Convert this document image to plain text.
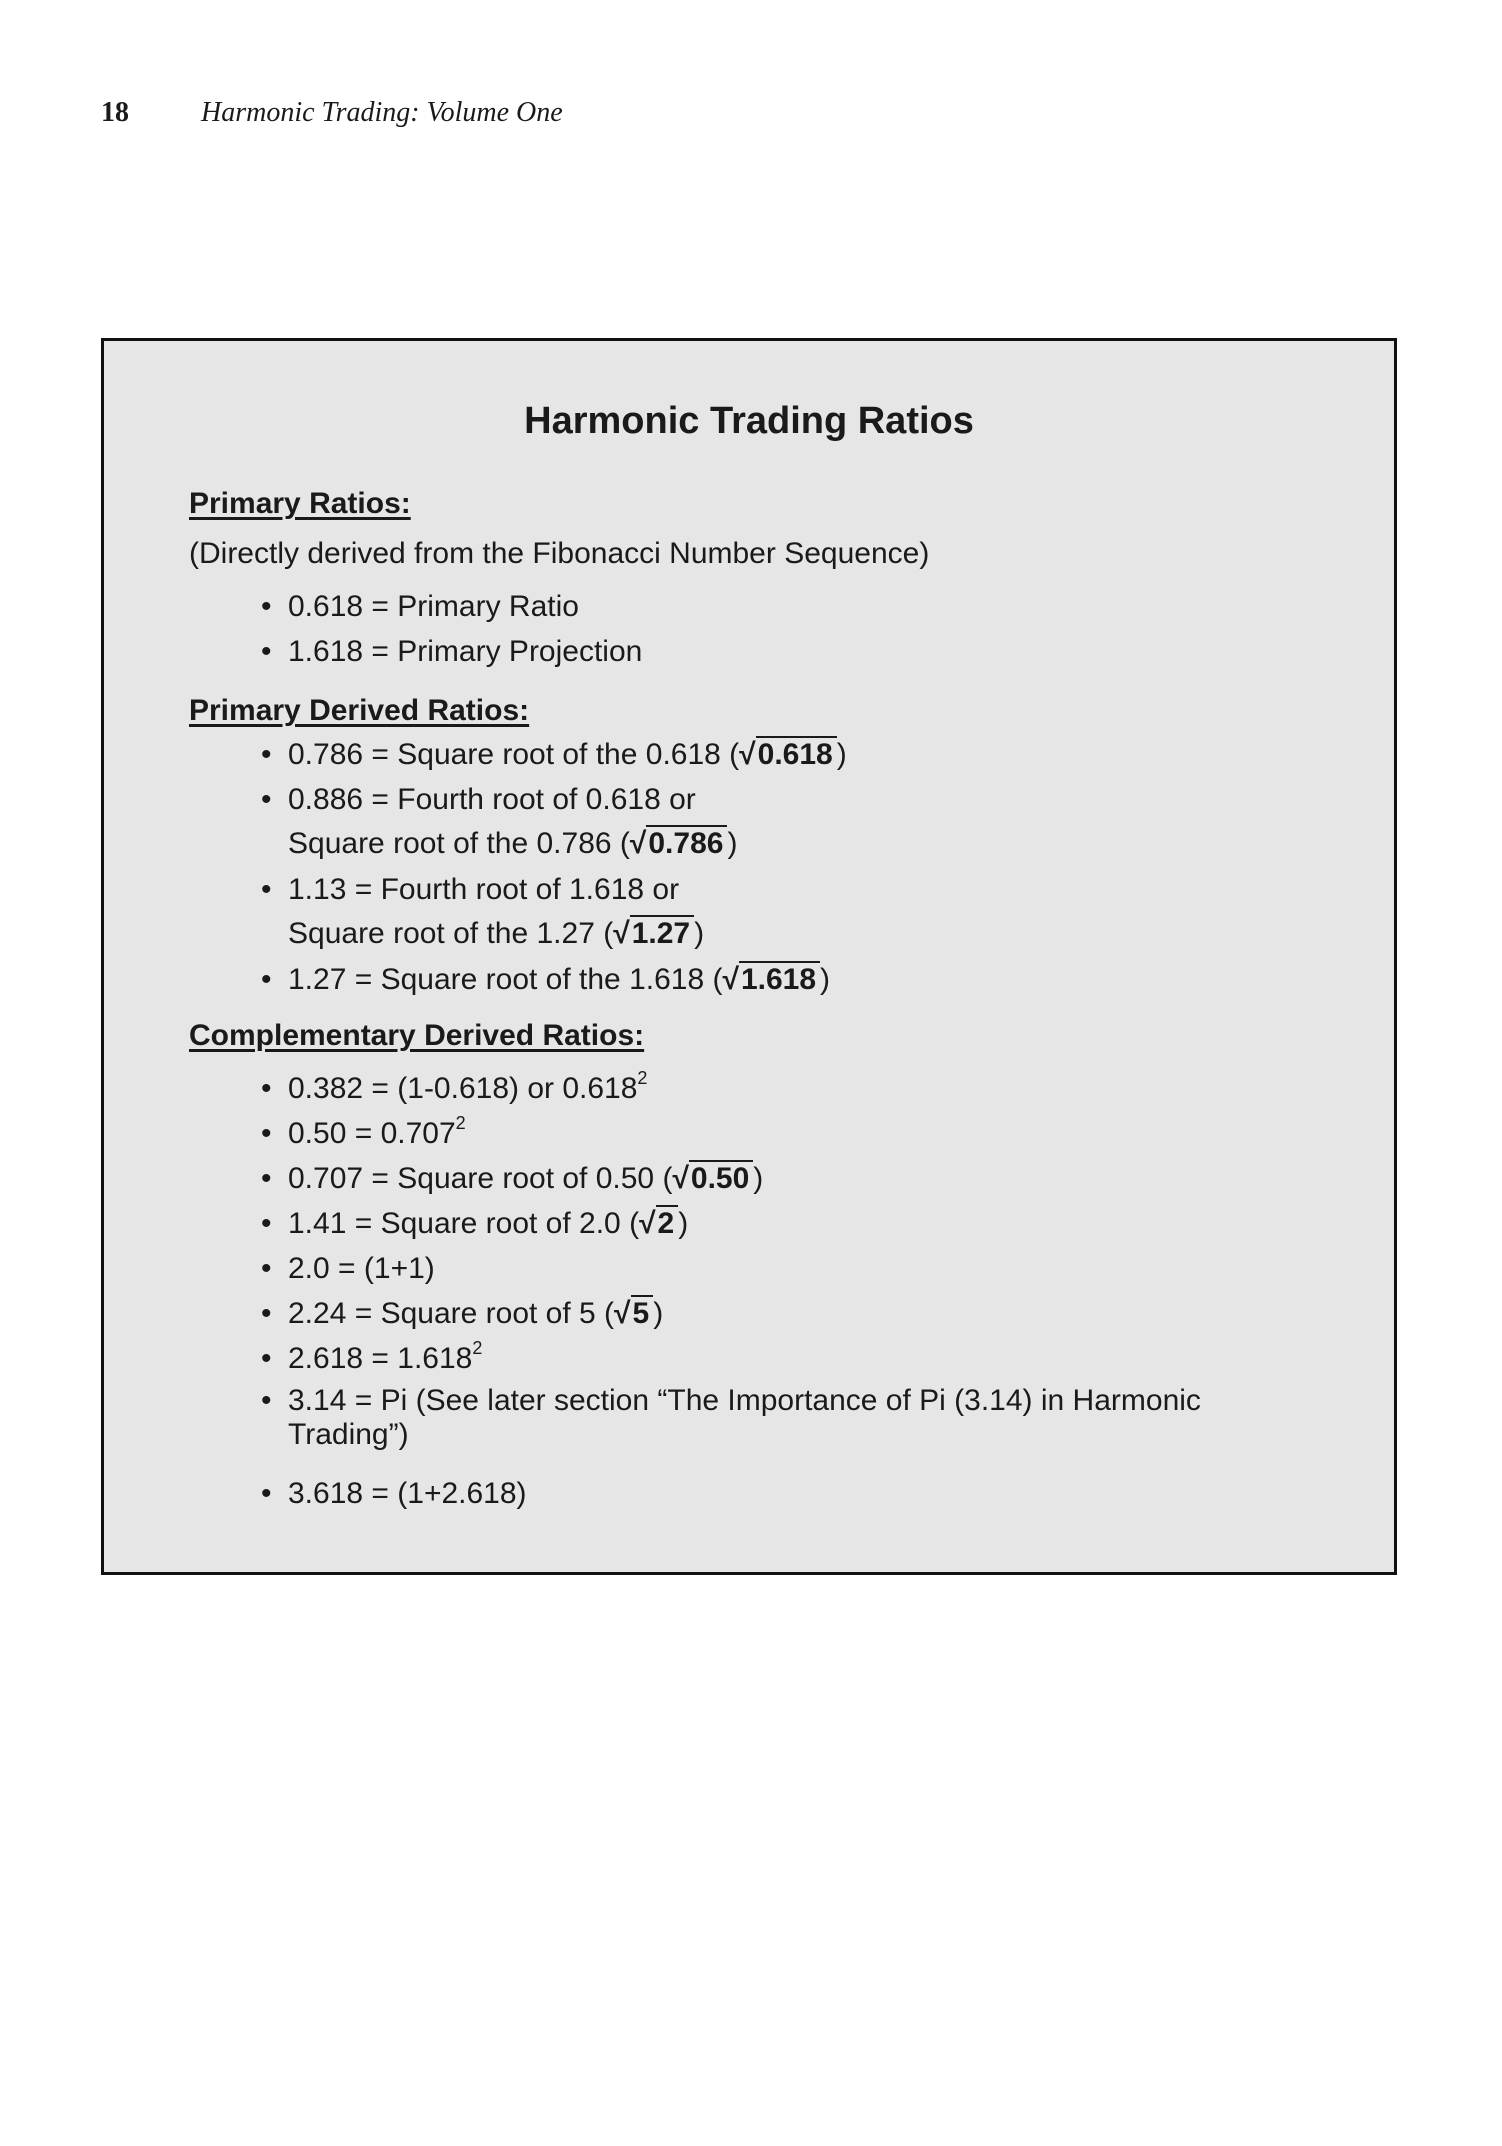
18	Harmonic Trading: Volume One
Harmonic Trading Ratios
Primary Ratios:
(Directly derived from the Fibonacci Number Sequence)
• 0.618 = Primary Ratio
• 1.618 = Primary Projection
Primary Derived Ratios:
• 0.786 = Square root of the 0.618 (√0.618 )
• 0.886 = Fourth root of 0.618 or
Square root of the 0.786 (√0.786 )
• 1.13 = Fourth root of 1.618 or
Square root of the 1.27 (√1.27 )
• 1.27 = Square root of the 1.618 (√1.618 )
Complementary Derived Ratios:
• 0.382 = (1-0.618) or 0.618$^2$
• $0.50 = 0.707^2$
• 0.707 = Square root of 0.50 (√0.50 )
• 1.41 = Square root of 2.0 (√2 )
• 2.0 = (1+1)
• 2.24 = Square root of 5 (√5 )
• $2.618 = 1.618^2$
• 3.14 = Pi (See later section “The Importance of Pi (3.14) in Harmonic Trading”)
• 3.618 = (1+2.618)
